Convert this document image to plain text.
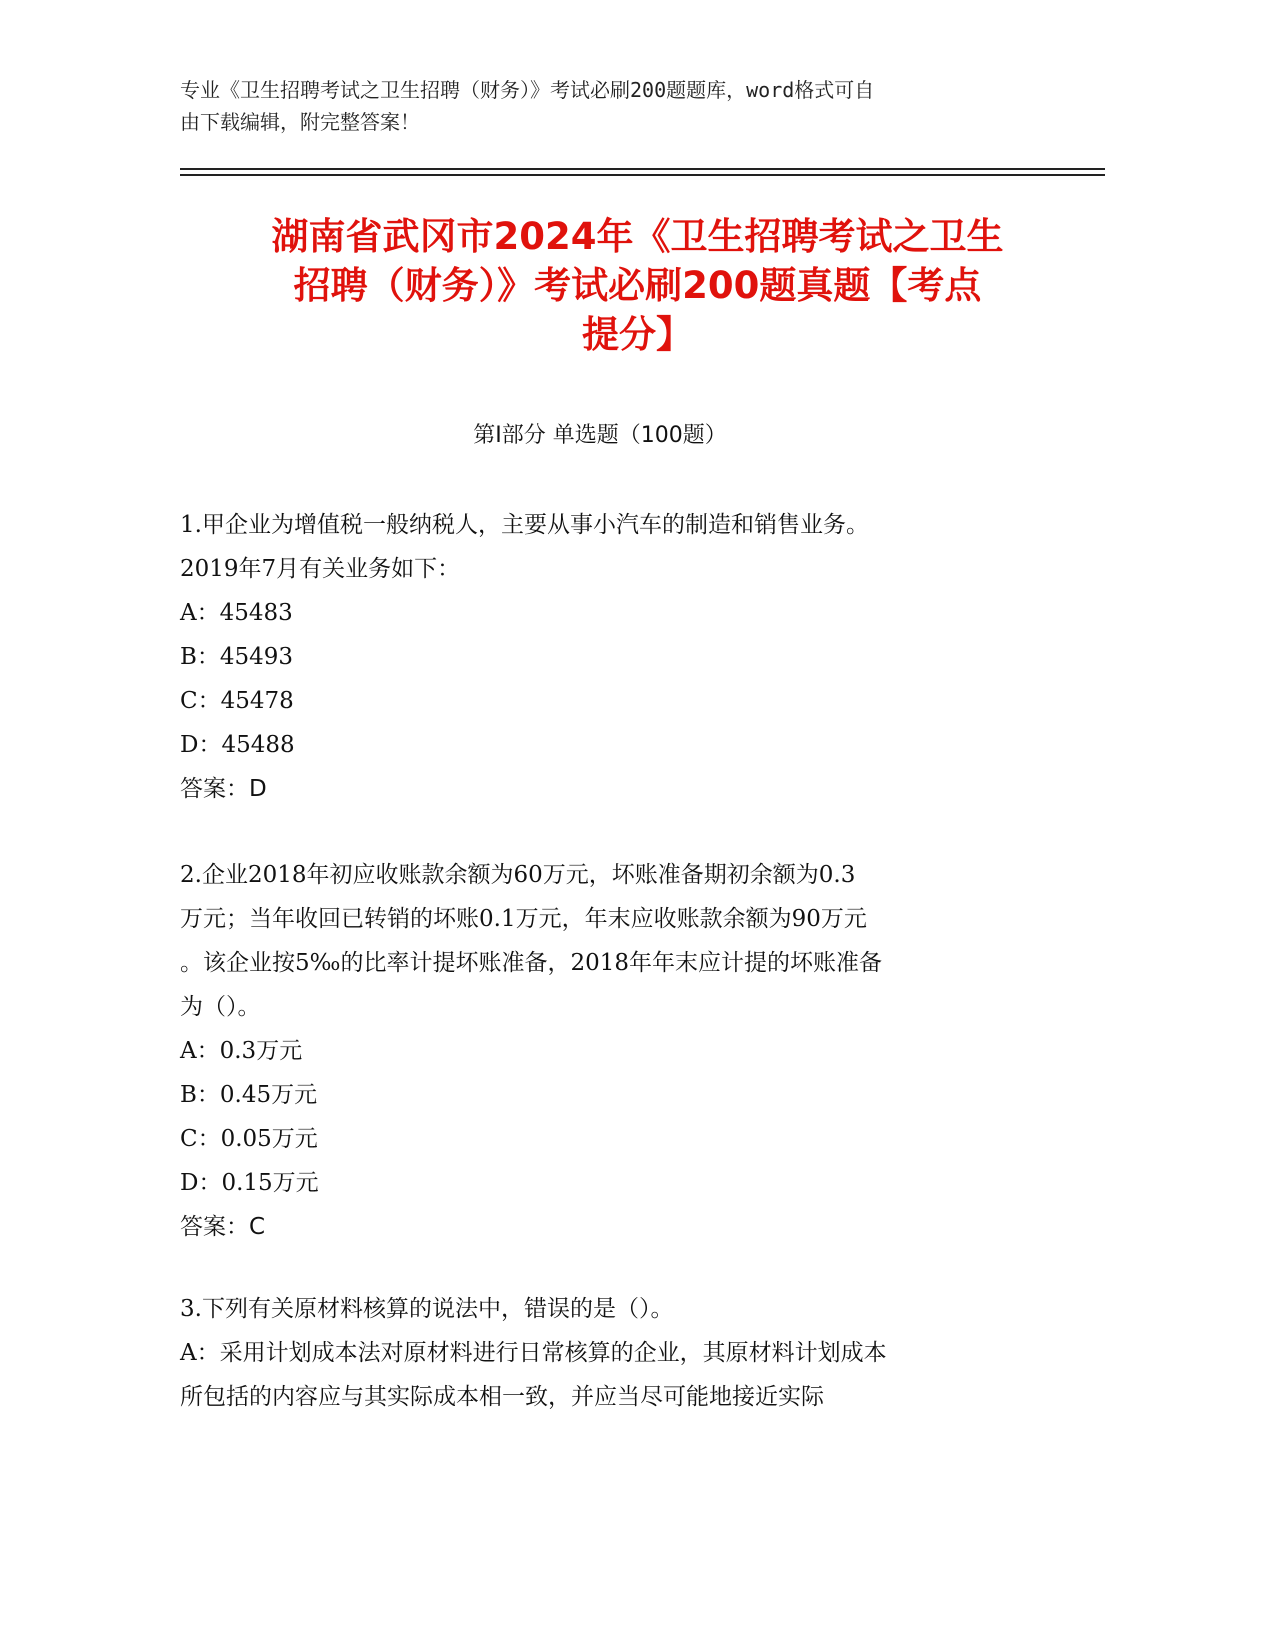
专业《卫生招聘考试之卫生招聘（财务）》考试必刷200题题库，word格式可自
由下载编辑，附完整答案！
湖南省武冈市2024年《卫生招聘考试之卫生
招聘（财务）》考试必刷200题真题【考点
提分】
第Ⅰ部分 单选题（100题）
1.甲企业为增值税一般纳税人，主要从事小汽车的制造和销售业务。
2019年7月有关业务如下：
A：45483
B：45493
C：45478
D：45488
答案：D
2.企业2018年初应收账款余额为60万元，坏账准备期初余额为0.3
万元；当年收回已转销的坏账0.1万元，年末应收账款余额为90万元
。该企业按5‰的比率计提坏账准备，2018年年末应计提的坏账准备
为（）。
A：0.3万元
B：0.45万元
C：0.05万元
D：0.15万元
答案：C
3.下列有关原材料核算的说法中，错误的是（）。
A：采用计划成本法对原材料进行日常核算的企业，其原材料计划成本
所包括的内容应与其实际成本相一致，并应当尽可能地接近实际
